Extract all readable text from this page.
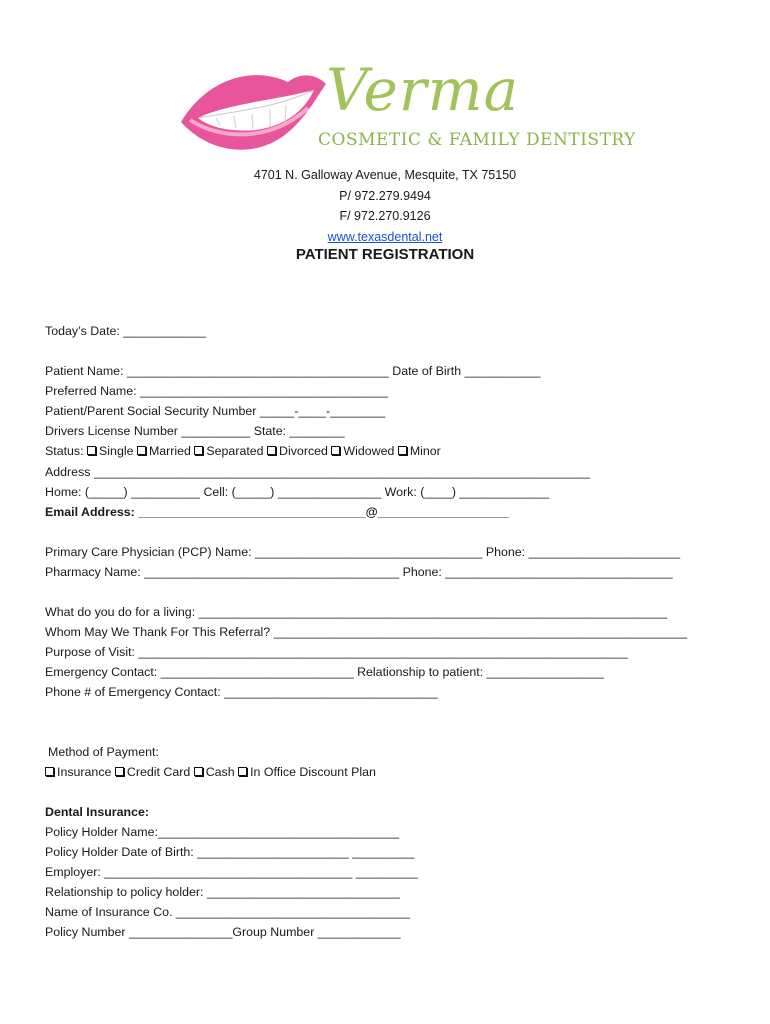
Verma
COSMETIC & FAMILY DENTISTRY
4701 N. Galloway Avenue, Mesquite, TX 75150
P/ 972.279.9494
F/ 972.270.9126
www.texasdental.net
PATIENT REGISTRATION
Today’s Date: ____________
Patient Name: ______________________________________ Date of Birth ___________
Preferred Name: ____________________________________
Patient/Parent Social Security Number _____-____-________
Drivers License Number __________ State: ________
Status: Single Married Separated Divorced Widowed Minor
Address ________________________________________________________________________
Home: (_____) __________ Cell: (_____) _______________ Work: (____) _____________
Email Address: _________________________________@___________________
Primary Care Physician (PCP) Name: _________________________________ Phone: ______________________
Pharmacy Name: _____________________________________ Phone: _________________________________
What do you do for a living: ____________________________________________________________________
Whom May We Thank For This Referral? ____________________________________________________________
Purpose of Visit: _______________________________________________________________________
Emergency Contact: ____________________________ Relationship to patient: _________________
Phone # of Emergency Contact: _______________________________
Method of Payment:
Insurance Credit Card Cash In Office Discount Plan
Dental Insurance:
Policy Holder Name:___________________________________
Policy Holder Date of Birth: ______________________ _________
Employer: ____________________________________ _________
Relationship to policy holder: ____________________________
Name of Insurance Co. __________________________________
Policy Number _______________Group Number ____________
